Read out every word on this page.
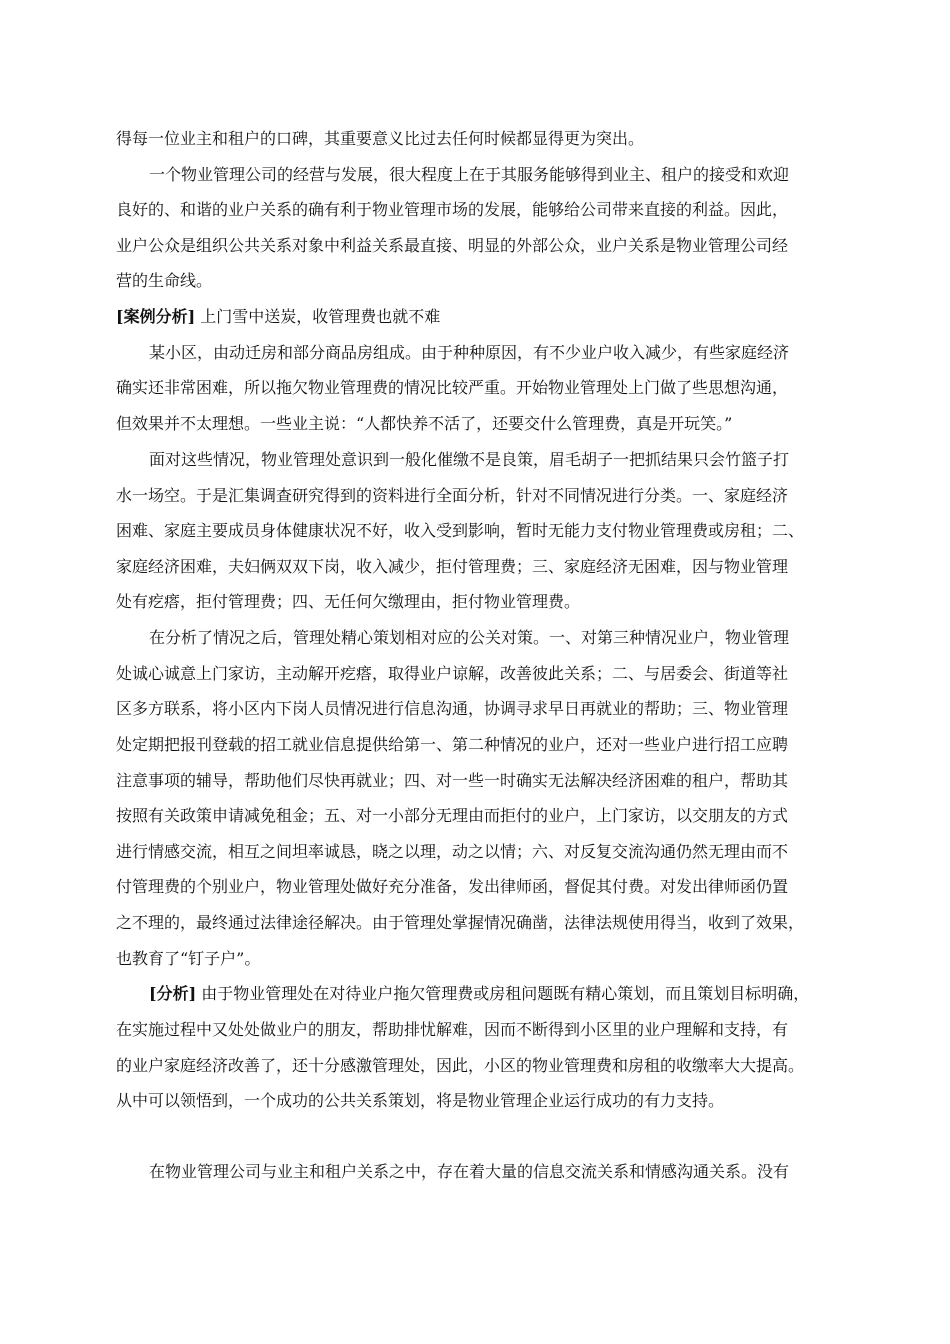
得每一位业主和租户的口碑，其重要意义比过去任何时候都显得更为突出。
一个物业管理公司的经营与发展，很大程度上在于其服务能够得到业主、租户的接受和欢迎
良好的、和谐的业户关系的确有利于物业管理市场的发展，能够给公司带来直接的利益。因此，
业户公众是组织公共关系对象中利益关系最直接、明显的外部公众，业户关系是物业管理公司经
营的生命线。
[案例分析] 上门雪中送炭，收管理费也就不难
某小区，由动迁房和部分商品房组成。由于种种原因，有不少业户收入减少，有些家庭经济
确实还非常困难，所以拖欠物业管理费的情况比较严重。开始物业管理处上门做了些思想沟通，
但效果并不太理想。一些业主说：“人都快养不活了，还要交什么管理费，真是开玩笑。”
面对这些情况，物业管理处意识到一般化催缴不是良策，眉毛胡子一把抓结果只会竹篮子打
水一场空。于是汇集调查研究得到的资料进行全面分析，针对不同情况进行分类。一、家庭经济
困难、家庭主要成员身体健康状况不好，收入受到影响，暂时无能力支付物业管理费或房租；二、
家庭经济困难，夫妇俩双双下岗，收入减少，拒付管理费；三、家庭经济无困难，因与物业管理
处有疙瘩，拒付管理费；四、无任何欠缴理由，拒付物业管理费。
在分析了情况之后，管理处精心策划相对应的公关对策。一、对第三种情况业户，物业管理
处诚心诚意上门家访，主动解开疙瘩，取得业户谅解，改善彼此关系；二、与居委会、街道等社
区多方联系，将小区内下岗人员情况进行信息沟通，协调寻求早日再就业的帮助；三、物业管理
处定期把报刊登载的招工就业信息提供给第一、第二种情况的业户，还对一些业户进行招工应聘
注意事项的辅导，帮助他们尽快再就业；四、对一些一时确实无法解决经济困难的租户，帮助其
按照有关政策申请减免租金；五、对一小部分无理由而拒付的业户，上门家访，以交朋友的方式
进行情感交流，相互之间坦率诚恳，晓之以理，动之以情；六、对反复交流沟通仍然无理由而不
付管理费的个别业户，物业管理处做好充分准备，发出律师函，督促其付费。对发出律师函仍置
之不理的，最终通过法律途径解决。由于管理处掌握情况确凿，法律法规使用得当，收到了效果，
也教育了“钉子户”。
[分析] 由于物业管理处在对待业户拖欠管理费或房租问题既有精心策划，而且策划目标明确，
在实施过程中又处处做业户的朋友，帮助排忧解难，因而不断得到小区里的业户理解和支持，有
的业户家庭经济改善了，还十分感激管理处，因此，小区的物业管理费和房租的收缴率大大提高。
从中可以领悟到，一个成功的公共关系策划，将是物业管理企业运行成功的有力支持。
在物业管理公司与业主和租户关系之中，存在着大量的信息交流关系和情感沟通关系。没有
